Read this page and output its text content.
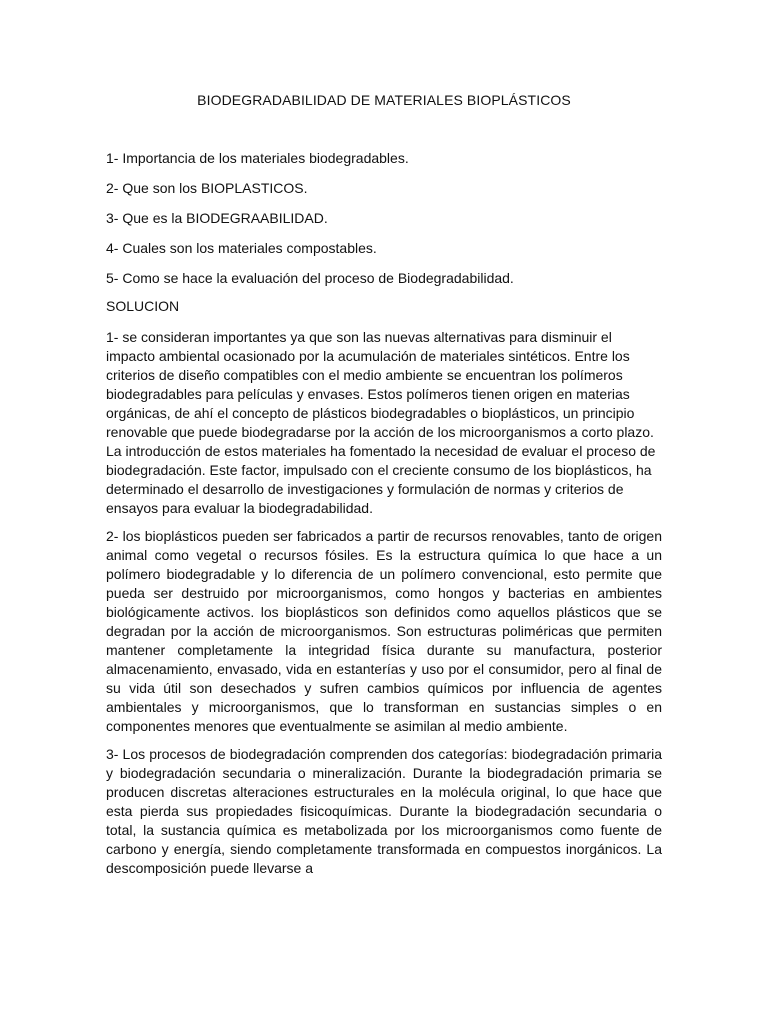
BIODEGRADABILIDAD DE MATERIALES BIOPLÁSTICOS

1- Importancia de los materiales biodegradables.

2- Que son los BIOPLASTICOS.

3- Que es la BIODEGRAABILIDAD.

4- Cuales son los materiales compostables.

5- Como se hace la evaluación del proceso de Biodegradabilidad.

SOLUCION

1- se consideran importantes ya que son las nuevas alternativas para disminuir el impacto ambiental ocasionado por la acumulación de materiales sintéticos. Entre los criterios de diseño compatibles con el medio ambiente se encuentran los polímeros biodegradables para películas y envases. Estos polímeros tienen origen en materias orgánicas, de ahí el concepto de plásticos biodegradables o bioplásticos, un principio renovable que puede biodegradarse por la acción de los microorganismos a corto plazo. La introducción de estos materiales ha fomentado la necesidad de evaluar el proceso de biodegradación. Este factor, impulsado con el creciente consumo de los bioplásticos, ha determinado el desarrollo de investigaciones y formulación de normas y criterios de ensayos para evaluar la biodegradabilidad.

2- los bioplásticos pueden ser fabricados a partir de recursos renovables, tanto de origen animal como vegetal o recursos fósiles. Es la estructura química lo que hace a un polímero biodegradable y lo diferencia de un polímero convencional, esto permite que pueda ser destruido por microorganismos, como hongos y bacterias en ambientes biológicamente activos. los bioplásticos son definidos como aquellos plásticos que se degradan por la acción de microorganismos. Son estructuras poliméricas que permiten mantener completamente la integridad física durante su manufactura, posterior almacenamiento, envasado, vida en estanterías y uso por el consumidor, pero al final de su vida útil son desechados y sufren cambios químicos por influencia de agentes ambientales y microorganismos, que lo transforman en sustancias simples o en componentes menores que eventualmente se asimilan al medio ambiente.

3- Los procesos de biodegradación comprenden dos categorías: biodegradación primaria y biodegradación secundaria o mineralización. Durante la biodegradación primaria se producen discretas alteraciones estructurales en la molécula original, lo que hace que esta pierda sus propiedades fisicoquímicas. Durante la biodegradación secundaria o total, la sustancia química es metabolizada por los microorganismos como fuente de carbono y energía, siendo completamente transformada en compuestos inorgánicos. La descomposición puede llevarse a
